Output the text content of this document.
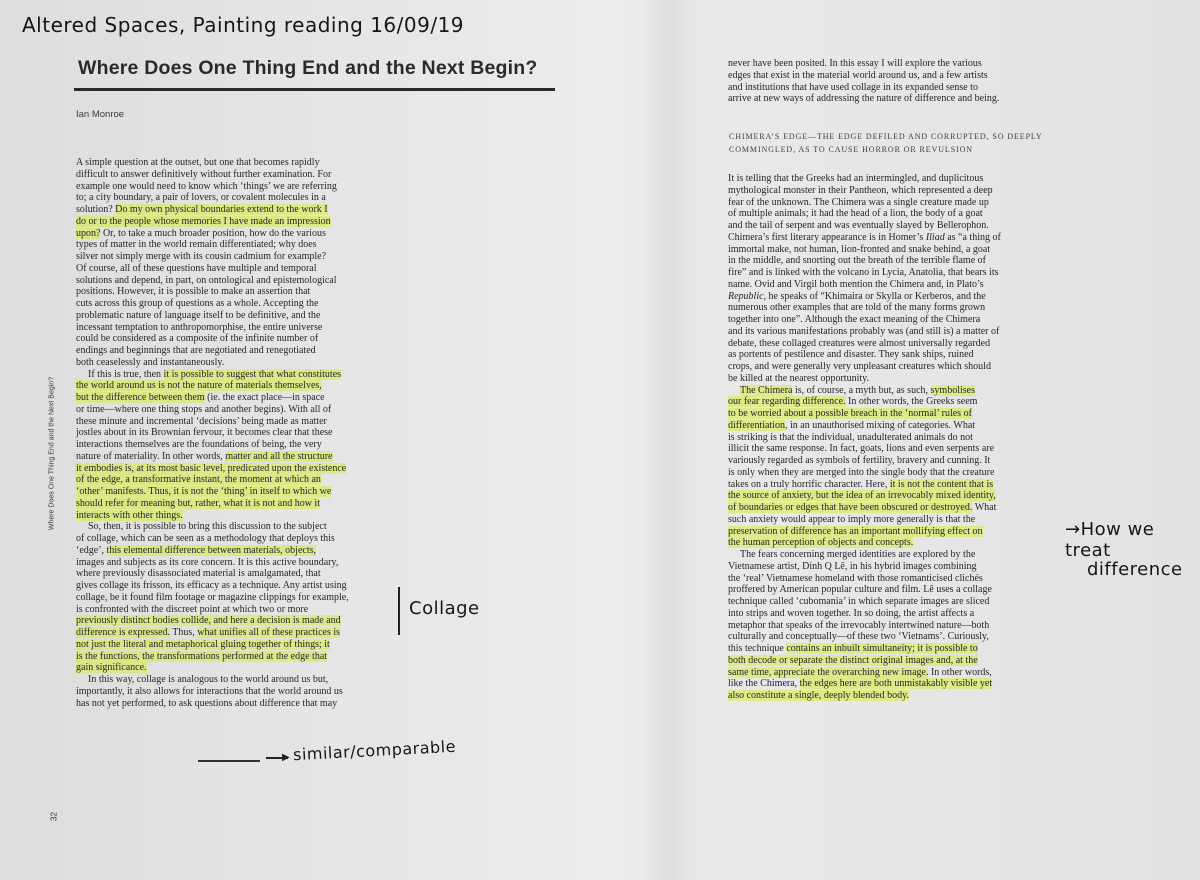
Altered Spaces, Painting reading 16/09/19
Where Does One Thing End and the Next Begin?

Ian Monroe

Where Does One Thing End and the Next Begin?
32

A simple question at the outset, but one that becomes rapidly

difficult to answer definitively without further examination. For

example one would need to know which ‘things’ we are referring

to; a city boundary, a pair of lovers, or covalent molecules in a

solution? Do my own physical boundaries extend to the work I

do or to the people whose memories I have made an impression

upon? Or, to take a much broader position, how do the various

types of matter in the world remain differentiated; why does

silver not simply merge with its cousin cadmium for example?

Of course, all of these questions have multiple and temporal

solutions and depend, in part, on ontological and epistemological

positions. However, it is possible to make an assertion that

cuts across this group of questions as a whole. Accepting the

problematic nature of language itself to be definitive, and the

incessant temptation to anthropomorphise, the entire universe

could be considered as a composite of the infinite number of

endings and beginnings that are negotiated and renegotiated

both ceaselessly and instantaneously.

If this is true, then it is possible to suggest that what constitutes

the world around us is not the nature of materials themselves,

but the difference between them (ie. the exact place—in space

or time—where one thing stops and another begins). With all of

these minute and incremental ‘decisions’ being made as matter

jostles about in its Brownian fervour, it becomes clear that these

interactions themselves are the foundations of being, the very

nature of materiality. In other words, matter and all the structure

it embodies is, at its most basic level, predicated upon the existence

of the edge, a transformative instant, the moment at which an

‘other’ manifests. Thus, it is not the ‘thing’ in itself to which we

should refer for meaning but, rather, what it is not and how it

interacts with other things.

So, then, it is possible to bring this discussion to the subject

of collage, which can be seen as a methodology that deploys this

‘edge’, this elemental difference between materials, objects,

images and subjects as its core concern. It is this active boundary,

where previously disassociated material is amalgamated, that

gives collage its frisson, its efficacy as a technique. Any artist using

collage, be it found film footage or magazine clippings for example,

is confronted with the discreet point at which two or more

previously distinct bodies collide, and here a decision is made and

difference is expressed. Thus, what unifies all of these practices is

not just the literal and metaphorical gluing together of things; it

is the functions, the transformations performed at the edge that

gain significance.

In this way, collage is analogous to the world around us but,

importantly, it also allows for interactions that the world around us

has not yet performed, to ask questions about difference that may

Collage
▶ similar/comparable

never have been posited. In this essay I will explore the various

edges that exist in the material world around us, and a few artists

and institutions that have used collage in its expanded sense to

arrive at new ways of addressing the nature of difference and being.

CHIMERA’S EDGE—THE EDGE DEFILED AND CORRUPTED, SO DEEPLY

COMMINGLED, AS TO CAUSE HORROR OR REVULSION

It is telling that the Greeks had an intermingled, and duplicitous

mythological monster in their Pantheon, which represented a deep

fear of the unknown. The Chimera was a single creature made up

of multiple animals; it had the head of a lion, the body of a goat

and the tail of serpent and was eventually slayed by Bellerophon.

Chimera’s first literary appearance is in Homer’s Iliad as “a thing of

immortal make, not human, lion-fronted and snake behind, a goat

in the middle, and snorting out the breath of the terrible flame of

fire” and is linked with the volcano in Lycia, Anatolia, that bears its

name. Ovid and Virgil both mention the Chimera and, in Plato’s

Republic, he speaks of “Khimaira or Skylla or Kerberos, and the

numerous other examples that are told of the many forms grown

together into one”. Although the exact meaning of the Chimera

and its various manifestations probably was (and still is) a matter of

debate, these collaged creatures were almost universally regarded

as portents of pestilence and disaster. They sank ships, ruined

crops, and were generally very unpleasant creatures which should

be killed at the nearest opportunity.

The Chimera is, of course, a myth but, as such, symbolises

our fear regarding difference. In other words, the Greeks seem

to be worried about a possible breach in the ‘normal’ rules of

differentiation, in an unauthorised mixing of categories. What

is striking is that the individual, unadulterated animals do not

illicit the same response. In fact, goats, lions and even serpents are

variously regarded as symbols of fertility, bravery and cunning. It

is only when they are merged into the single body that the creature

takes on a truly horrific character. Here, it is not the content that is

the source of anxiety, but the idea of an irrevocably mixed identity,

of boundaries or edges that have been obscured or destroyed. What

such anxiety would appear to imply more generally is that the

preservation of difference has an important mollifying effect on

the human perception of objects and concepts.

The fears concerning merged identities are explored by the

Vietnamese artist, Dinh Q Lê, in his hybrid images combining

the ‘real’ Vietnamese homeland with those romanticised clichés

proffered by American popular culture and film. Lê uses a collage

technique called ‘cubomania’ in which separate images are sliced

into strips and woven together. In so doing, the artist affects a

metaphor that speaks of the irrevocably intertwined nature—both

culturally and conceptually—of these two ‘Vietnams’. Curiously,

this technique contains an inbuilt simultaneity; it is possible to

both decode or separate the distinct original images and, at the

same time, appreciate the overarching new image. In other words,

like the Chimera, the edges here are both unmistakably visible yet

also constitute a single, deeply blended body.

→How we treat
difference
